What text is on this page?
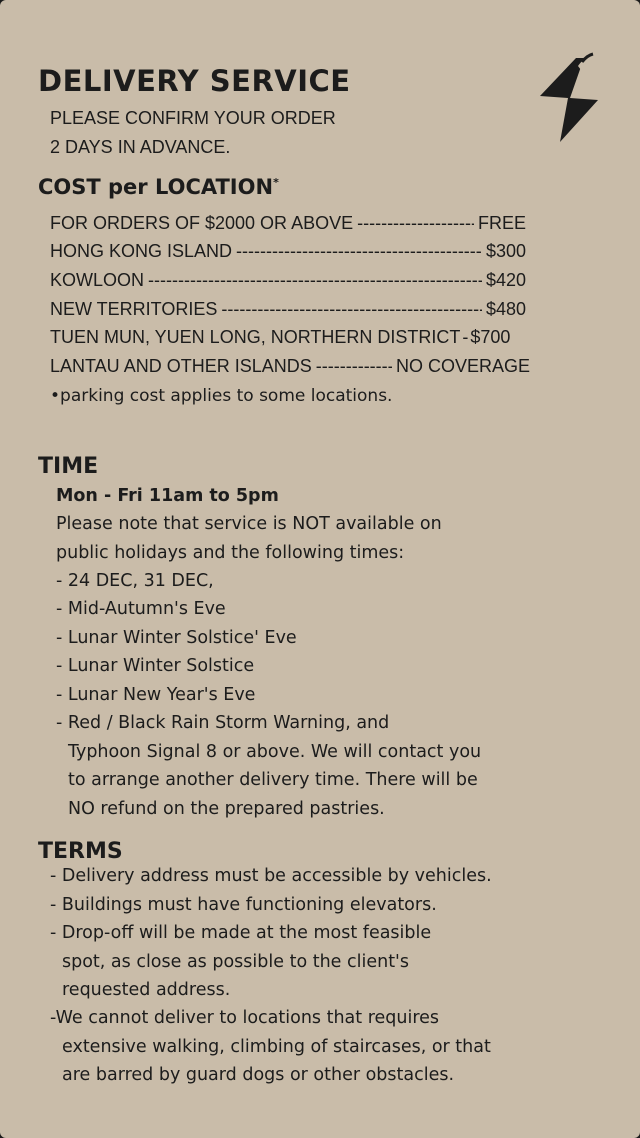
DELIVERY SERVICE
PLEASE CONFIRM YOUR ORDER
2 DAYS IN ADVANCE.
COST per LOCATION*
FOR ORDERS OF $2000 OR ABOVE -----	FREE
HONG KONG ISLAND -----	$300
KOWLOON -----	$420
NEW TERRITORIES -----	$480
TUEN MUN, YUEN LONG, NORTHERN DISTRICT - $700
LANTAU AND OTHER ISLANDS -----	NO COVERAGE
•parking cost applies to some locations.
TIME
Mon - Fri 11am to 5pm
Please note that service is NOT available on
public holidays and the following times:
- 24 DEC, 31 DEC,
- Mid-Autumn's Eve
- Lunar Winter Solstice' Eve
- Lunar Winter Solstice
- Lunar New Year's Eve
- Red / Black Rain Storm Warning, and
Typhoon Signal 8 or above. We will contact you
to arrange another delivery time. There will be
NO refund on the prepared pastries.
TERMS
- Delivery address must be accessible by vehicles.
- Buildings must have functioning elevators.
- Drop-off will be made at the most feasible
spot, as close as possible to the client's
requested address.
-We cannot deliver to locations that requires
extensive walking, climbing of staircases, or that
are barred by guard dogs or other obstacles.
